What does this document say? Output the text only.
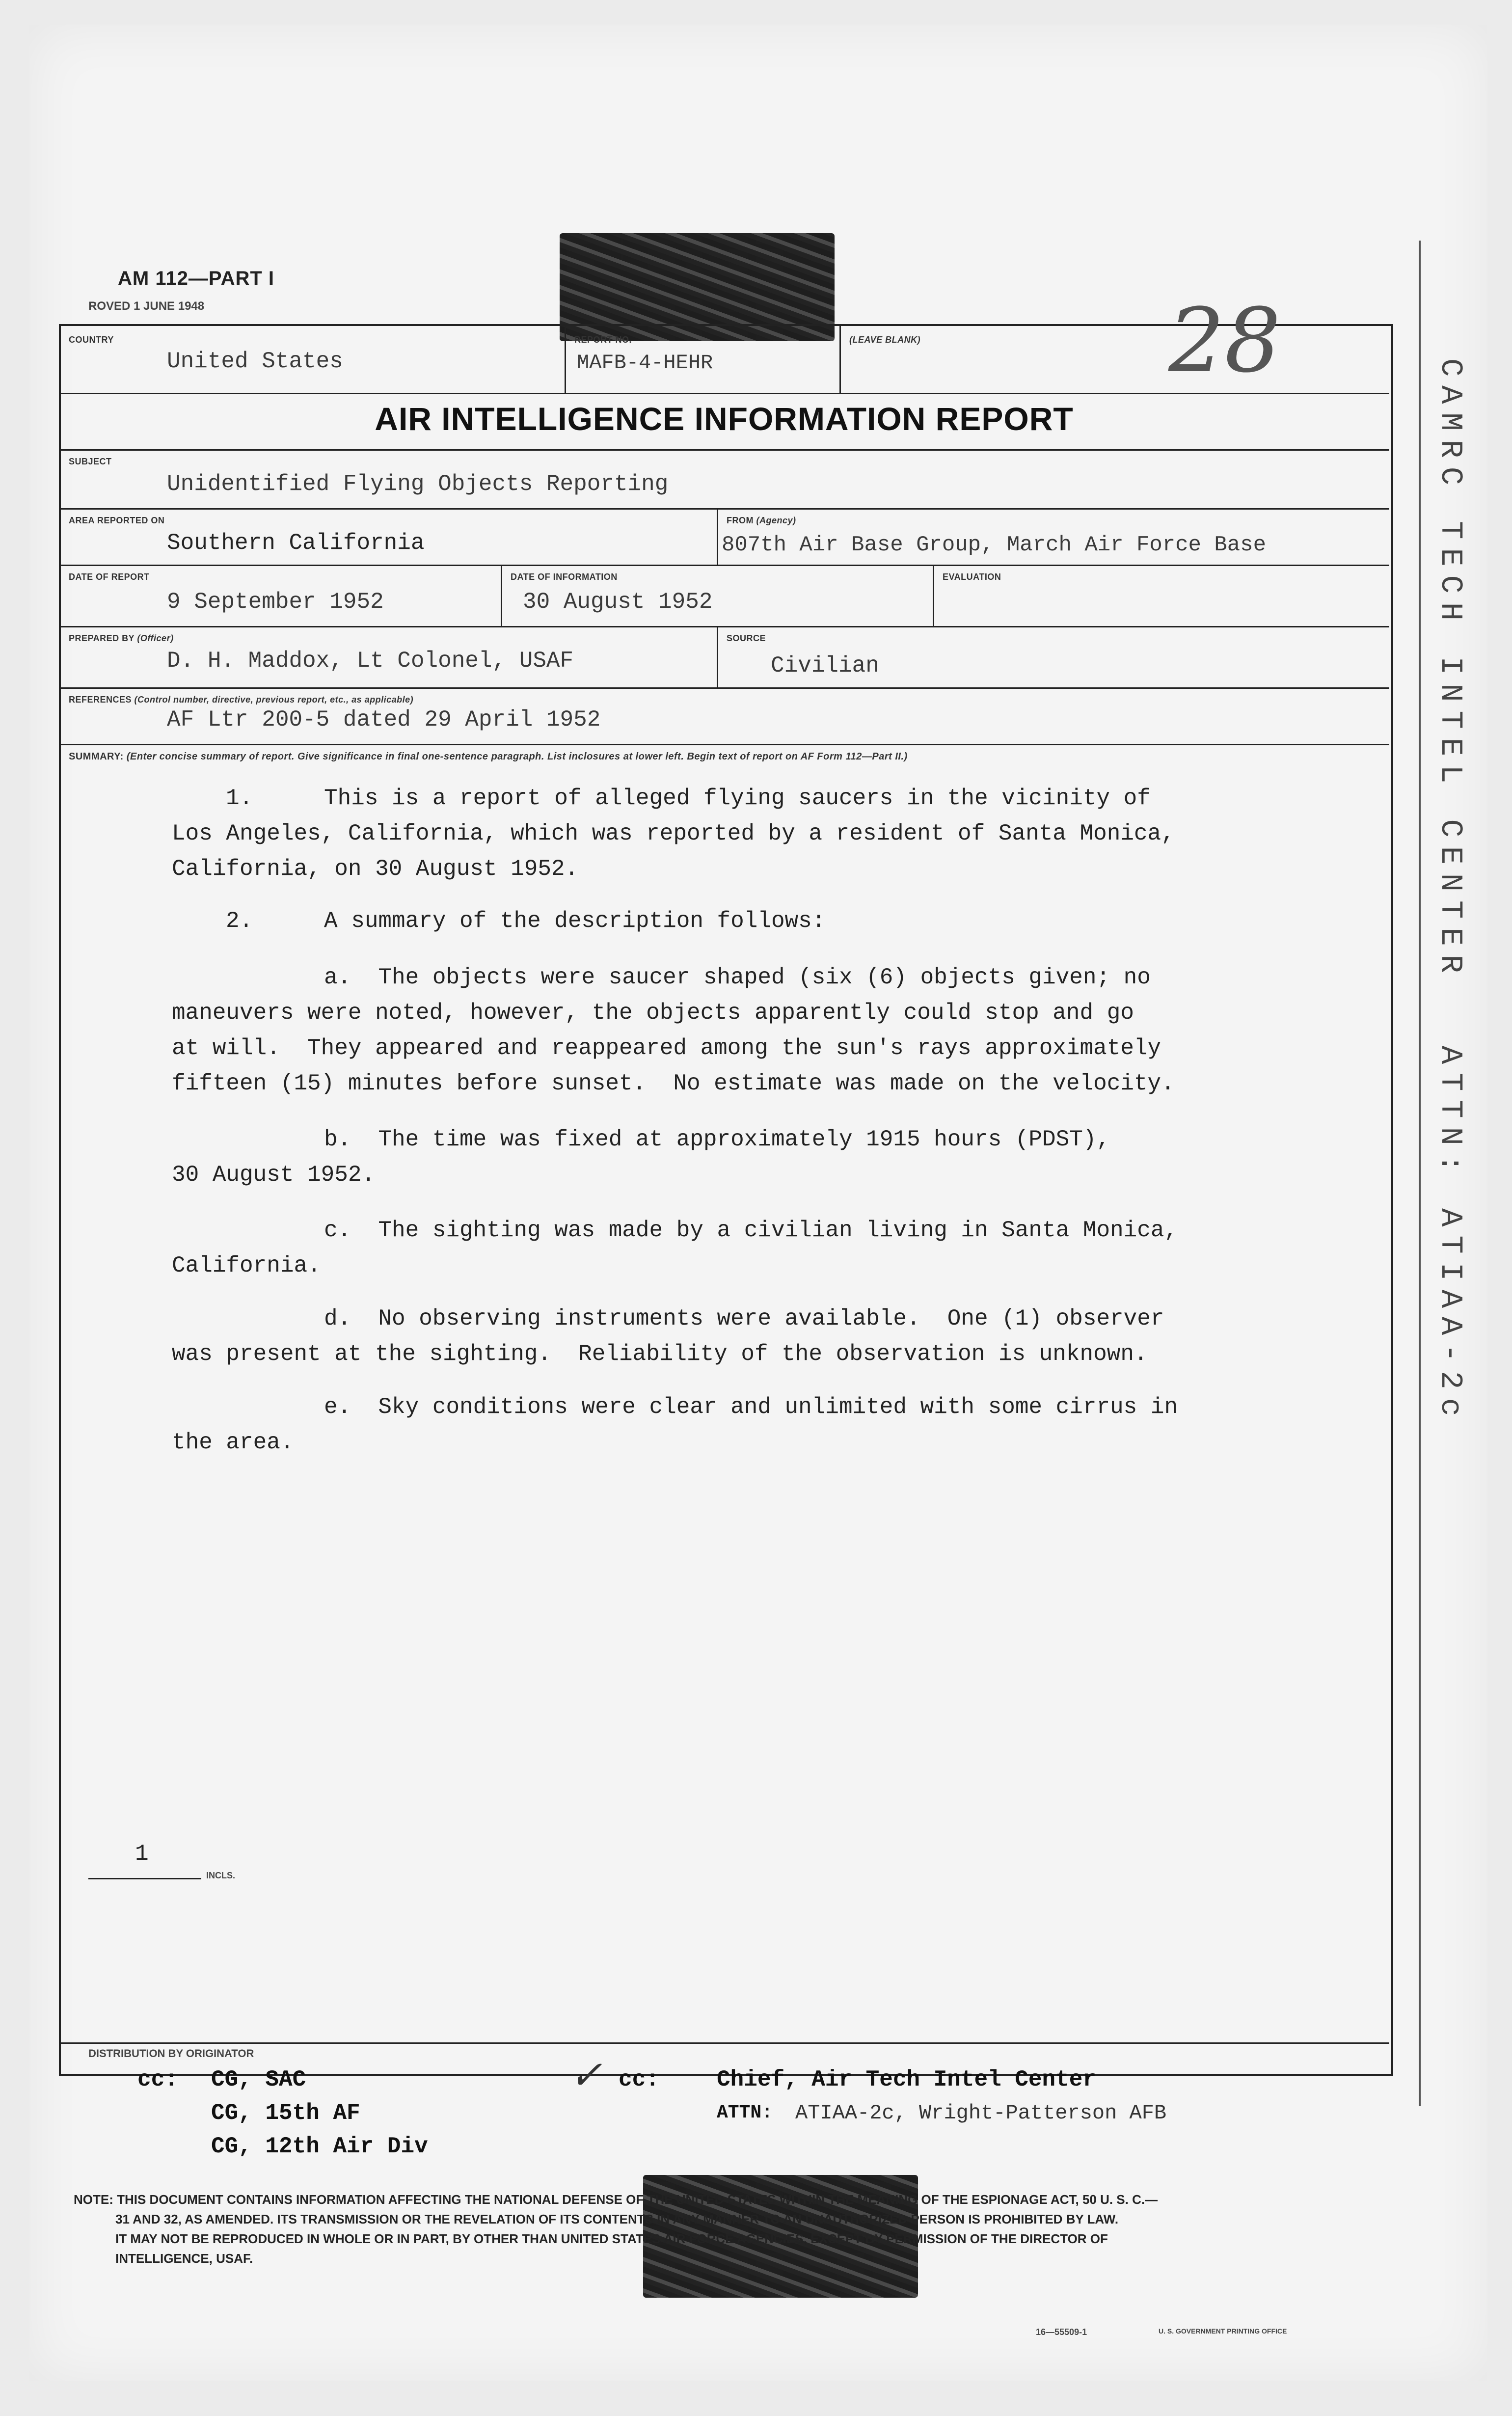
AM 112—PART I
ROVED 1 JUNE 1948
COUNTRY
United States
REPORT NO.
MAFB-4-HEHR
(LEAVE BLANK)	28
AIR INTELLIGENCE INFORMATION REPORT
SUBJECT
Unidentified Flying Objects Reporting
AREA REPORTED ON
Southern California
FROM (Agency)
807th Air Base Group, March Air Force Base
DATE OF REPORT
9 September 1952
DATE OF INFORMATION
30 August 1952
EVALUATION
PREPARED BY (Officer)
D. H. Maddox, Lt Colonel, USAF
SOURCE
Civilian
REFERENCES (Control number, directive, previous report, etc., as applicable)
AF Ltr 200-5 dated 29 April 1952
SUMMARY: (Enter concise summary of report. Give significance in final one-sentence paragraph. List inclosures at lower left. Begin text of report on AF Form 112—Part II.)
1.	This is a report of alleged flying saucers in the vicinity of
Los Angeles, California, which was reported by a resident of Santa Monica,
California, on 30 August 1952.
2.	A summary of the description follows:
a.  The objects were saucer shaped (six (6) objects given; no
maneuvers were noted, however, the objects apparently could stop and go
at will.  They appeared and reappeared among the sun's rays approximately
fifteen (15) minutes before sunset.  No estimate was made on the velocity.
b.  The time was fixed at approximately 1915 hours (PDST),
30 August 1952.
c.  The sighting was made by a civilian living in Santa Monica,
California.
d.  No observing instruments were available.  One (1) observer
was present at the sighting.  Reliability of the observation is unknown.
e.  Sky conditions were clear and unlimited with some cirrus in
the area.
1
INCLS.
DISTRIBUTION BY ORIGINATOR
cc: CG, SAC
CG, 15th AF
CG, 12th Air Div
✓ cc:	Chief, Air Tech Intel Center
ATTN: ATIAA-2c, Wright-Patterson AFB
NOTE: THIS DOCUMENT CONTAINS INFORMATION AFFECTING THE NATIONAL DEFENSE OF THE UNITED STATES WITHIN THE MEANING OF THE ESPIONAGE ACT, 50 U. S. C.—
31 AND 32, AS AMENDED. ITS TRANSMISSION OR THE REVELATION OF ITS CONTENTS IN ANY MANNER TO AN UNAUTHORIZED PERSON IS PROHIBITED BY LAW.
IT MAY NOT BE REPRODUCED IN WHOLE OR IN PART, BY OTHER THAN UNITED STATES AIR FORCE AGENCIES, EXCEPT BY PERMISSION OF THE DIRECTOR OF
INTELLIGENCE, USAF.
16—55509-1	U. S. GOVERNMENT PRINTING OFFICE
CAMRC TECH INTEL CENTER
ATTN: ATIAA-2c
